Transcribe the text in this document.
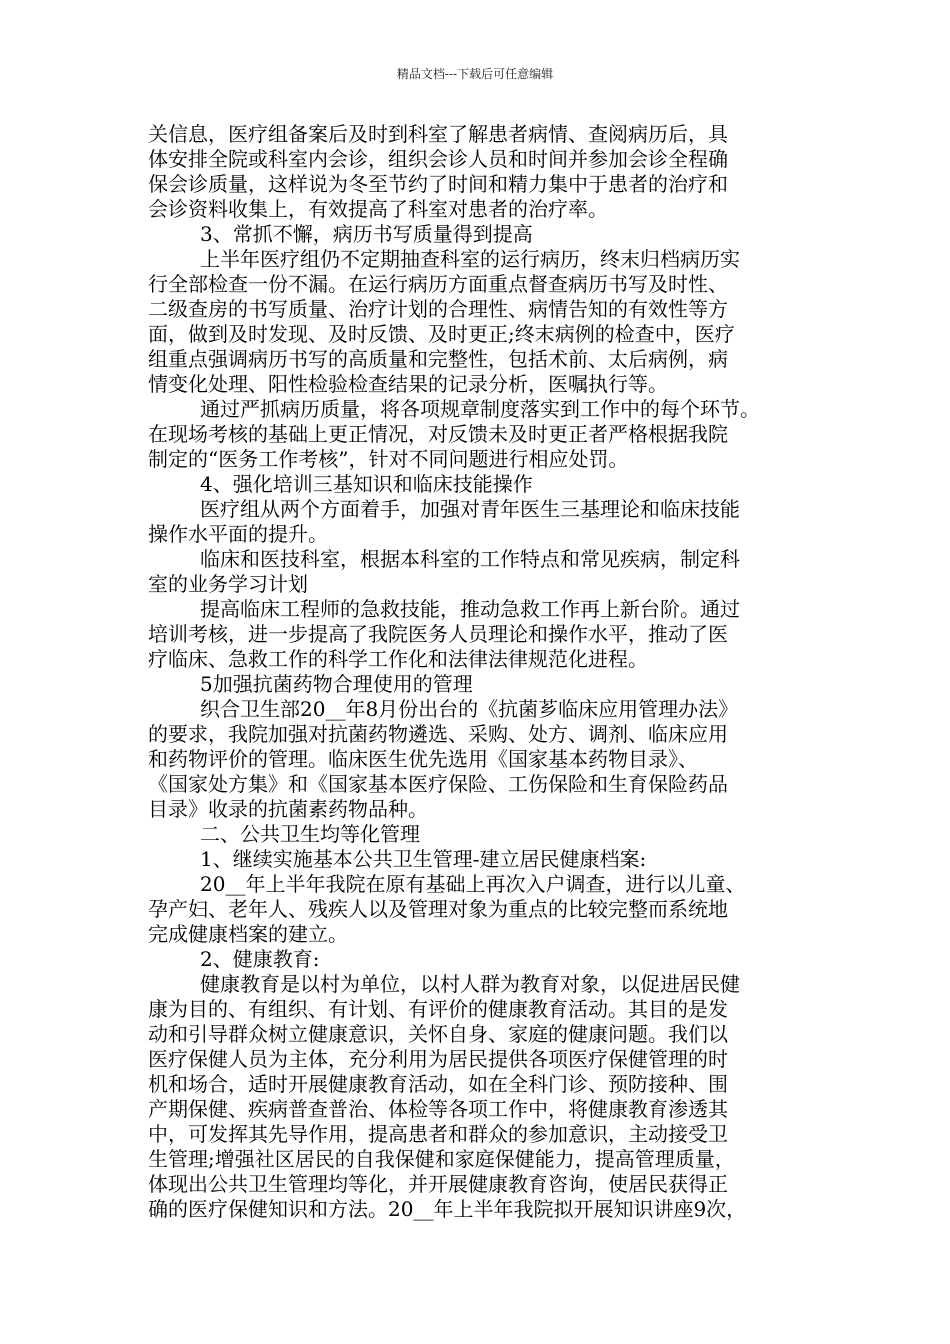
精品文档---下载后可任意编辑
关信息，医疗组备案后及时到科室了解患者病情、查阅病历后，具
体安排全院或科室内会诊，组织会诊人员和时间并参加会诊全程确
保会诊质量，这样说为冬至节约了时间和精力集中于患者的治疗和
会诊资料收集上，有效提高了科室对患者的治疗率。
3、常抓不懈，病历书写质量得到提高
上半年医疗组仍不定期抽查科室的运行病历，终末归档病历实
行全部检查一份不漏。在运行病历方面重点督查病历书写及时性、
二级查房的书写质量、治疗计划的合理性、病情告知的有效性等方
面，做到及时发现、及时反馈、及时更正;终末病例的检查中，医疗
组重点强调病历书写的高质量和完整性，包括术前、太后病例，病
情变化处理、阳性检验检查结果的记录分析，医嘱执行等。
通过严抓病历质量，将各项规章制度落实到工作中的每个环节。
在现场考核的基础上更正情况，对反馈未及时更正者严格根据我院
制定的“医务工作考核”，针对不同问题进行相应处罚。
4、强化培训三基知识和临床技能操作
医疗组从两个方面着手，加强对青年医生三基理论和临床技能
操作水平面的提升。
临床和医技科室，根据本科室的工作特点和常见疾病，制定科
室的业务学习计划
提高临床工程师的急救技能，推动急救工作再上新台阶。通过
培训考核，进一步提高了我院医务人员理论和操作水平，推动了医
疗临床、急救工作的科学工作化和法律法律规范化进程。
5加强抗菌药物合理使用的管理
织合卫生部20__年8月份出台的《抗菌芗临床应用管理办法》
的要求，我院加强对抗菌药物遴选、采购、处方、调剂、临床应用
和药物评价的管理。临床医生优先选用《国家基本药物目录》、
《国家处方集》和《国家基本医疗保险、工伤保险和生育保险药品
目录》收录的抗菌素药物品种。
二、公共卫生均等化管理
1、继续实施基本公共卫生管理-建立居民健康档案:
20__年上半年我院在原有基础上再次入户调查，进行以儿童、
孕产妇、老年人、残疾人以及管理对象为重点的比较完整而系统地
完成健康档案的建立。
2、健康教育:
健康教育是以村为单位，以村人群为教育对象，以促进居民健
康为目的、有组织、有计划、有评价的健康教育活动。其目的是发
动和引导群众树立健康意识，关怀自身、家庭的健康问题。我们以
医疗保健人员为主体，充分利用为居民提供各项医疗保健管理的时
机和场合，适时开展健康教育活动，如在全科门诊、预防接种、围
产期保健、疾病普查普治、体检等各项工作中，将健康教育渗透其
中，可发挥其先导作用，提高患者和群众的参加意识，主动接受卫
生管理;增强社区居民的自我保健和家庭保健能力，提高管理质量，
体现出公共卫生管理均等化，并开展健康教育咨询，使居民获得正
确的医疗保健知识和方法。20__年上半年我院拟开展知识讲座9次，
